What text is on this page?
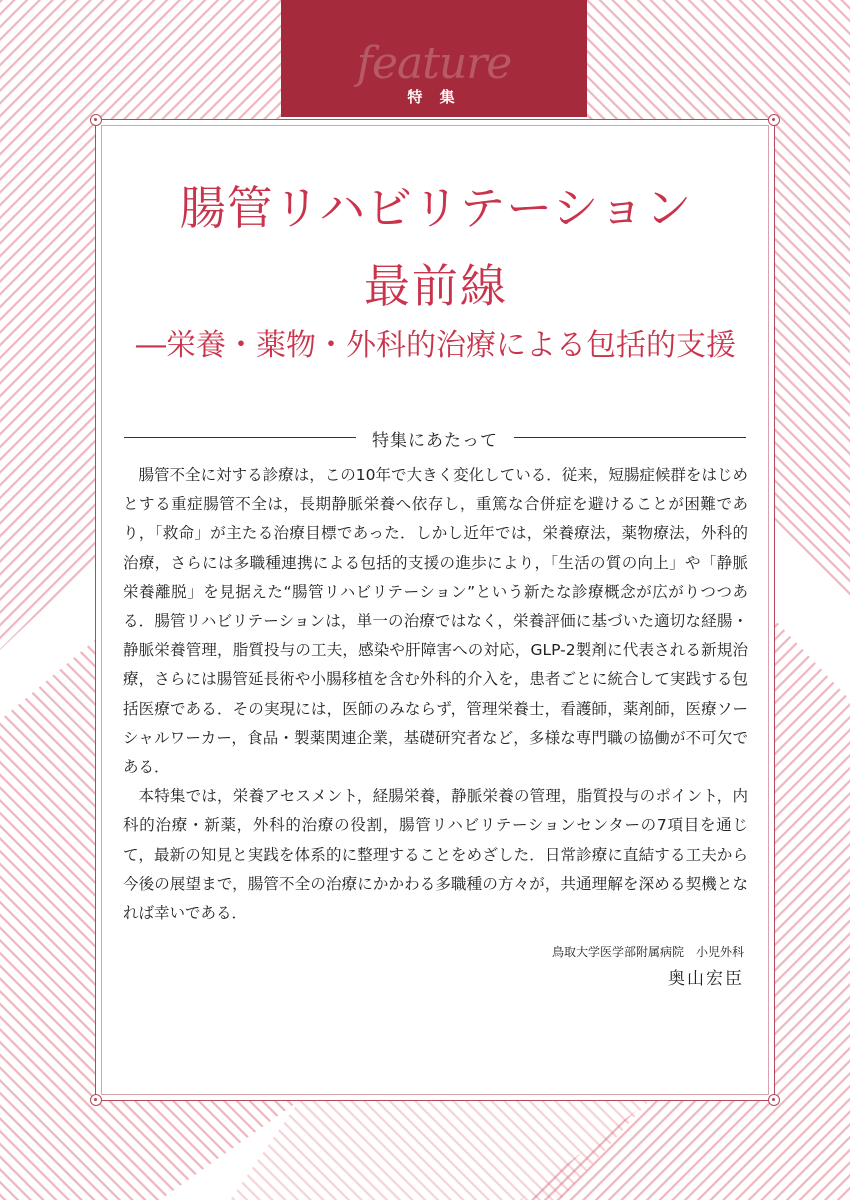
feature
特 集
腸管リハビリテーション
最前線
―栄養・薬物・外科的治療による包括的支援
特集にあたって

腸管不全に対する診療は，この10年で大きく変化している．従来，短腸症候群をはじめとする重症腸管不全は，長期静脈栄養へ依存し，重篤な合併症を避けることが困難であり，「救命」が主たる治療目標であった．しかし近年では，栄養療法，薬物療法，外科的治療，さらには多職種連携による包括的支援の進歩により，「生活の質の向上」や「静脈栄養離脱」を見据えた“腸管リハビリテーション”という新たな診療概念が広がりつつある．腸管リハビリテーションは，単一の治療ではなく，栄養評価に基づいた適切な経腸・静脈栄養管理，脂質投与の工夫，感染や肝障害への対応，GLP-2製剤に代表される新規治療，さらには腸管延長術や小腸移植を含む外科的介入を，患者ごとに統合して実践する包括医療である．その実現には，医師のみならず，管理栄養士，看護師，薬剤師，医療ソーシャルワーカー，食品・製薬関連企業，基礎研究者など，多様な専門職の協働が不可欠である．

本特集では，栄養アセスメント，経腸栄養，静脈栄養の管理，脂質投与のポイント，内科的治療・新薬，外科的治療の役割，腸管リハビリテーションセンターの7項目を通じて，最新の知見と実践を体系的に整理することをめざした．日常診療に直結する工夫から今後の展望まで，腸管不全の治療にかかわる多職種の方々が，共通理解を深める契機となれば幸いである．

鳥取大学医学部附属病院　小児外科
奥山宏臣
